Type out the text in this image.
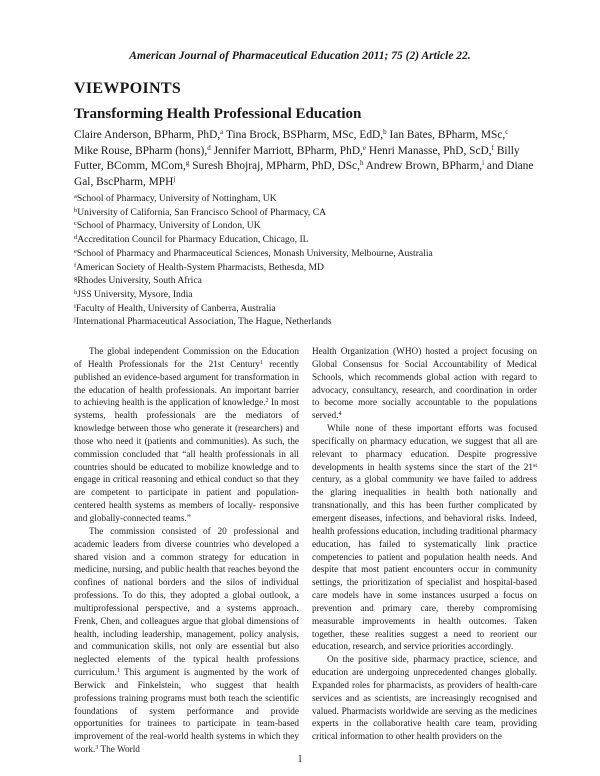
American Journal of Pharmaceutical Education 2011; 75 (2) Article 22.
VIEWPOINTS
Transforming Health Professional Education
Claire Anderson, BPharm, PhD,$^a$ Tina Brock, BSPharm, MSc, EdD,$^b$ Ian Bates, BPharm, MSc,$^c$ Mike Rouse, BPharm (hons),$^d$ Jennifer Marriott, BPharm, PhD,$^e$ Henri Manasse, PhD, ScD,$^f$ Billy Futter, BComm, MCom,$^g$ Suresh Bhojraj, MPharm, PhD, DSc,$^h$ Andrew Brown, BPharm,$^i$ and Diane Gal, BscPharm, MPH$^j$
$^a$School of Pharmacy, University of Nottingham, UK
$^b$University of California, San Francisco School of Pharmacy, CA
$^c$School of Pharmacy, University of London, UK
$^d$Accreditation Council for Pharmacy Education, Chicago, IL
$^e$School of Pharmacy and Pharmaceutical Sciences, Monash University, Melbourne, Australia
$^f$American Society of Health-System Pharmacists, Bethesda, MD
$^g$Rhodes University, South Africa
$^h$JSS University, Mysore, India
$^i$Faculty of Health, University of Canberra, Australia
$^j$International Pharmaceutical Association, The Hague, Netherlands

The global independent Commission on the Education of Health Professionals for the 21st Century$^1$ recently published an evidence-based argument for transformation in the education of health professionals. An important barrier to achieving health is the application of knowledge.$^2$ In most systems, health professionals are the mediators of knowledge between those who generate it (researchers) and those who need it (patients and communities). As such, the commission concluded that “all health professionals in all countries should be educated to mobilize knowledge and to engage in critical reasoning and ethical conduct so that they are competent to participate in patient and population-centered health systems as members of locally- responsive and globally-connected teams.”

The commission consisted of 20 professional and academic leaders from diverse countries who developed a shared vision and a common strategy for education in medicine, nursing, and public health that reaches beyond the confines of national borders and the silos of individual professions. To do this, they adopted a global outlook, a multiprofessional perspective, and a systems approach. Frenk, Chen, and colleagues argue that global dimensions of health, including leadership, management, policy analysis, and communication skills, not only are essential but also neglected elements of the typical health professions curriculum.$^1$ This argument is augmented by the work of Berwick and Finkelstein, who suggest that health professions training programs must both teach the scientific foundations of system performance and provide opportunities for trainees to participate in team-based improvement of the real-world health systems in which they work.$^3$ The World

Health Organization (WHO) hosted a project focusing on Global Consensus for Social Accountability of Medical Schools, which recommends global action with regard to advocacy, consultancy, research, and coordination in order to become more socially accountable to the populations served.$^4$

While none of these important efforts was focused specifically on pharmacy education, we suggest that all are relevant to pharmacy education. Despite progressive developments in health systems since the start of the 21st century, as a global community we have failed to address the glaring inequalities in health both nationally and transnationally, and this has been further complicated by emergent diseases, infections, and behavioral risks. Indeed, health professions education, including traditional pharmacy education, has failed to systematically link practice competencies to patient and population health needs. And despite that most patient encounters occur in community settings, the prioritization of specialist and hospital-based care models have in some instances usurped a focus on prevention and primary care, thereby compromising measurable improvements in health outcomes. Taken together, these realities suggest a need to reorient our education, research, and service priorities accordingly.

On the positive side, pharmacy practice, science, and education are undergoing unprecedented changes globally. Expanded roles for pharmacists, as providers of health-care services and as scientists, are increasingly recognised and valued. Pharmacists worldwide are serving as the medicines experts in the collaborative health care team, providing critical information to other health providers on the

1
